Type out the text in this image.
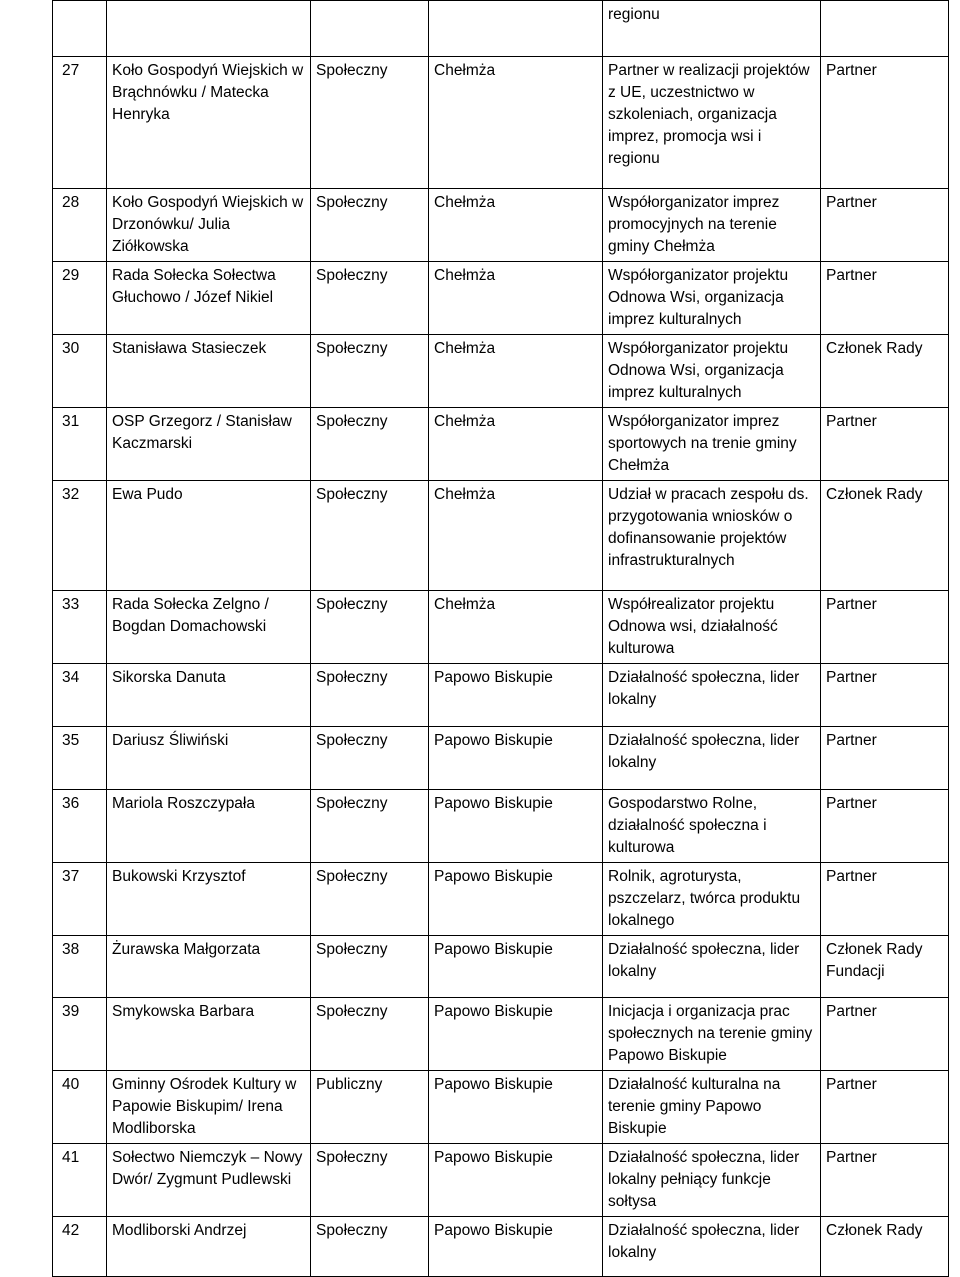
				regionu	
27	Koło Gospodyń Wiejskich w Brąchnówku / Matecka Henryka	Społeczny	Chełmża	Partner w realizacji projektów z UE, uczestnictwo w szkoleniach, organizacja imprez, promocja wsi i regionu	Partner
28	Koło Gospodyń Wiejskich w Drzonówku/ Julia Ziółkowska	Społeczny	Chełmża	Współorganizator imprez promocyjnych na terenie gminy Chełmża	Partner
29	Rada Sołecka Sołectwa Głuchowo / Józef Nikiel	Społeczny	Chełmża	Współorganizator projektu Odnowa Wsi, organizacja imprez kulturalnych	Partner
30	Stanisława Stasieczek	Społeczny	Chełmża	Współorganizator projektu Odnowa Wsi, organizacja imprez kulturalnych	Członek Rady
31	OSP Grzegorz / Stanisław Kaczmarski	Społeczny	Chełmża	Współorganizator imprez sportowych na trenie gminy Chełmża	Partner
32	Ewa Pudo	Społeczny	Chełmża	Udział w pracach zespołu ds. przygotowania wniosków o dofinansowanie projektów infrastrukturalnych	Członek Rady
33	Rada Sołecka Zelgno / Bogdan Domachowski	Społeczny	Chełmża	Współrealizator projektu Odnowa wsi, działalność kulturowa	Partner
34	Sikorska Danuta	Społeczny	Papowo Biskupie	Działalność społeczna, lider lokalny	Partner
35	Dariusz Śliwiński	Społeczny	Papowo Biskupie	Działalność społeczna, lider lokalny	Partner
36	Mariola Roszczypała	Społeczny	Papowo Biskupie	Gospodarstwo Rolne, działalność społeczna i kulturowa	Partner
37	Bukowski Krzysztof	Społeczny	Papowo Biskupie	Rolnik, agroturysta, pszczelarz, twórca produktu lokalnego	Partner
38	Żurawska Małgorzata	Społeczny	Papowo Biskupie	Działalność społeczna, lider lokalny	Członek Rady Fundacji
39	Smykowska Barbara	Społeczny	Papowo Biskupie	Inicjacja i organizacja prac społecznych na terenie gminy Papowo Biskupie	Partner
40	Gminny Ośrodek Kultury w Papowie Biskupim/ Irena Modliborska	Publiczny	Papowo Biskupie	Działalność kulturalna na terenie gminy Papowo Biskupie	Partner
41	Sołectwo Niemczyk – Nowy Dwór/ Zygmunt Pudlewski	Społeczny	Papowo Biskupie	Działalność społeczna, lider lokalny pełniący funkcje sołtysa	Partner
42	Modliborski Andrzej	Społeczny	Papowo Biskupie	Działalność społeczna, lider lokalny	Członek Rady
